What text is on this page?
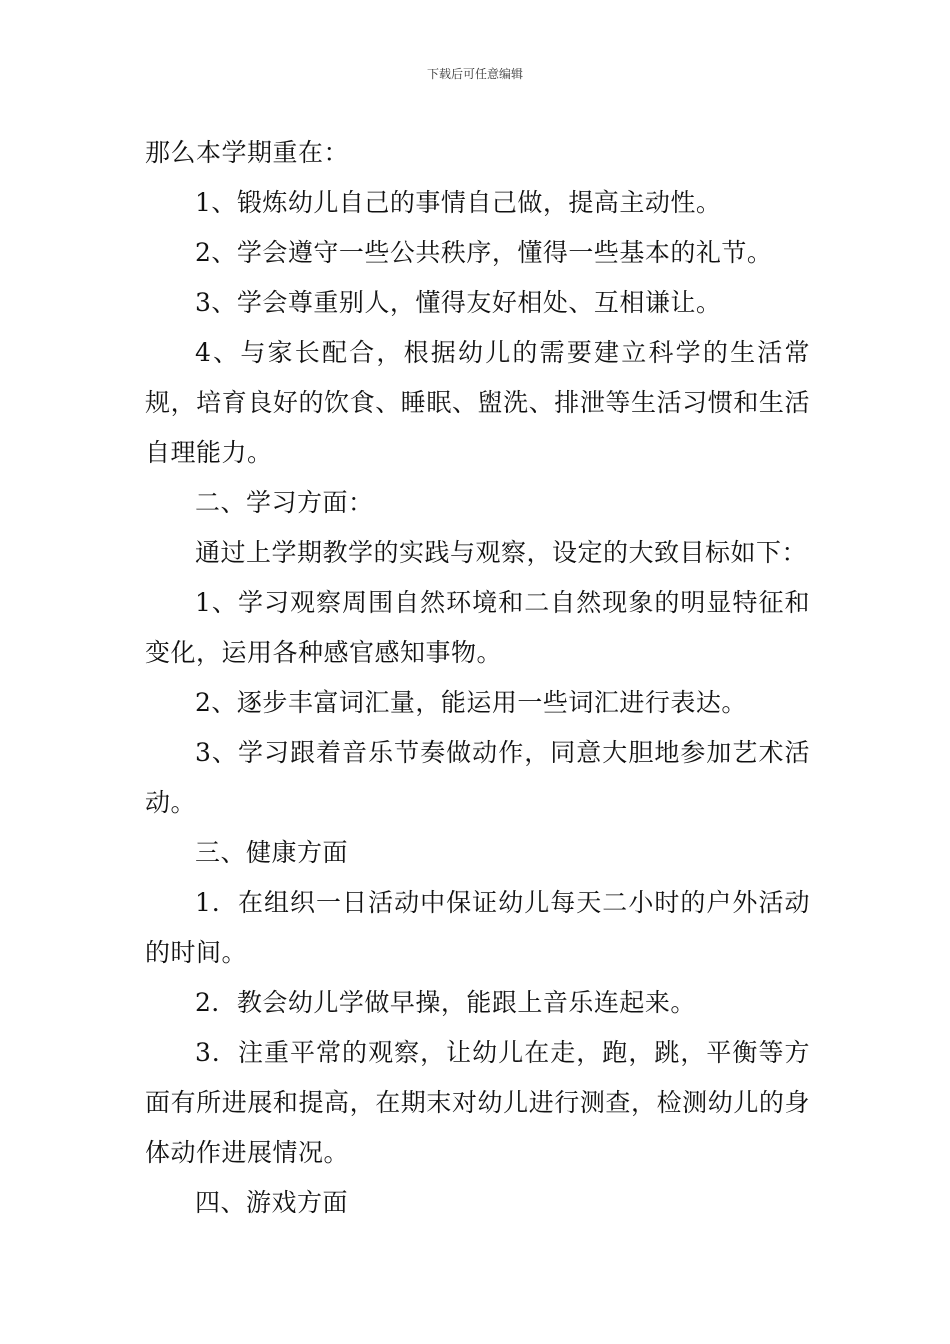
下载后可任意编辑

那么本学期重在：

1、锻炼幼儿自己的事情自己做，提高主动性。

2、学会遵守一些公共秩序，懂得一些基本的礼节。

3、学会尊重别人，懂得友好相处、互相谦让。

4、与家长配合，根据幼儿的需要建立科学的生活常规，培育良好的饮食、睡眠、盥洗、排泄等生活习惯和生活自理能力。

二、学习方面：

通过上学期教学的实践与观察，设定的大致目标如下：

1、学习观察周围自然环境和二自然现象的明显特征和变化，运用各种感官感知事物。

2、逐步丰富词汇量，能运用一些词汇进行表达。

3、学习跟着音乐节奏做动作，同意大胆地参加艺术活动。

三、健康方面

1．在组织一日活动中保证幼儿每天二小时的户外活动的时间。

2．教会幼儿学做早操，能跟上音乐连起来。

3．注重平常的观察，让幼儿在走，跑，跳，平衡等方面有所进展和提高，在期末对幼儿进行测查，检测幼儿的身体动作进展情况。

四、游戏方面
